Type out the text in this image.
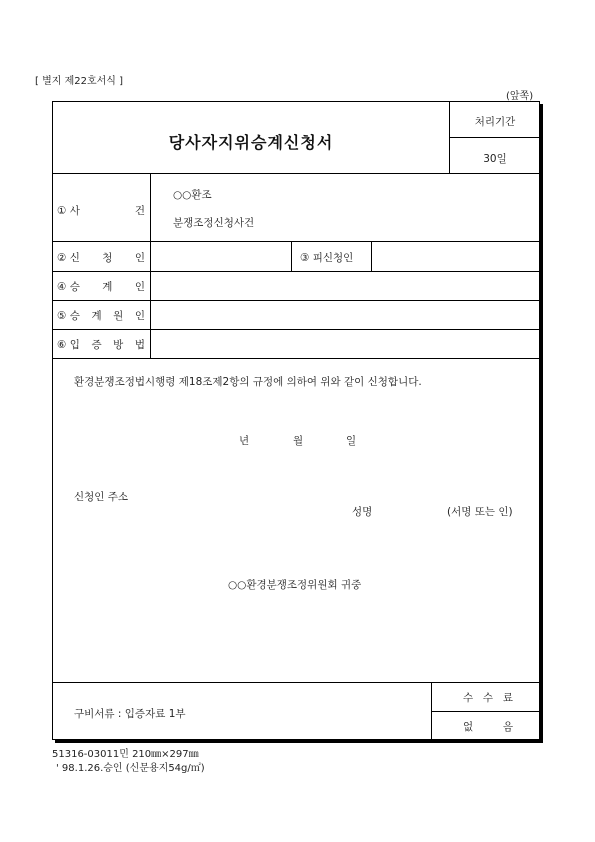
[ 별지 제22호서식 ]
(앞쪽)
당사자지위승계신청서
처리기간
30일
① 사	건
○○환조
분쟁조정신청사건
② 신 청 인	③ 피신청인
④ 승 계 인
⑤ 승 계 원 인
⑥ 입 증 방 법
환경분쟁조정법시행령 제18조제2항의 규정에 의하여 위와 같이 신청합니다.
년	월	일
신청인 주소
성명	(서명 또는 인)
○○환경분쟁조정위원회 귀중
구비서류 : 입증자료 1부
수 수 료
없	음
51316-03011민 210㎜×297㎜
' 98.1.26.승인 (신문용지54g/㎡)
